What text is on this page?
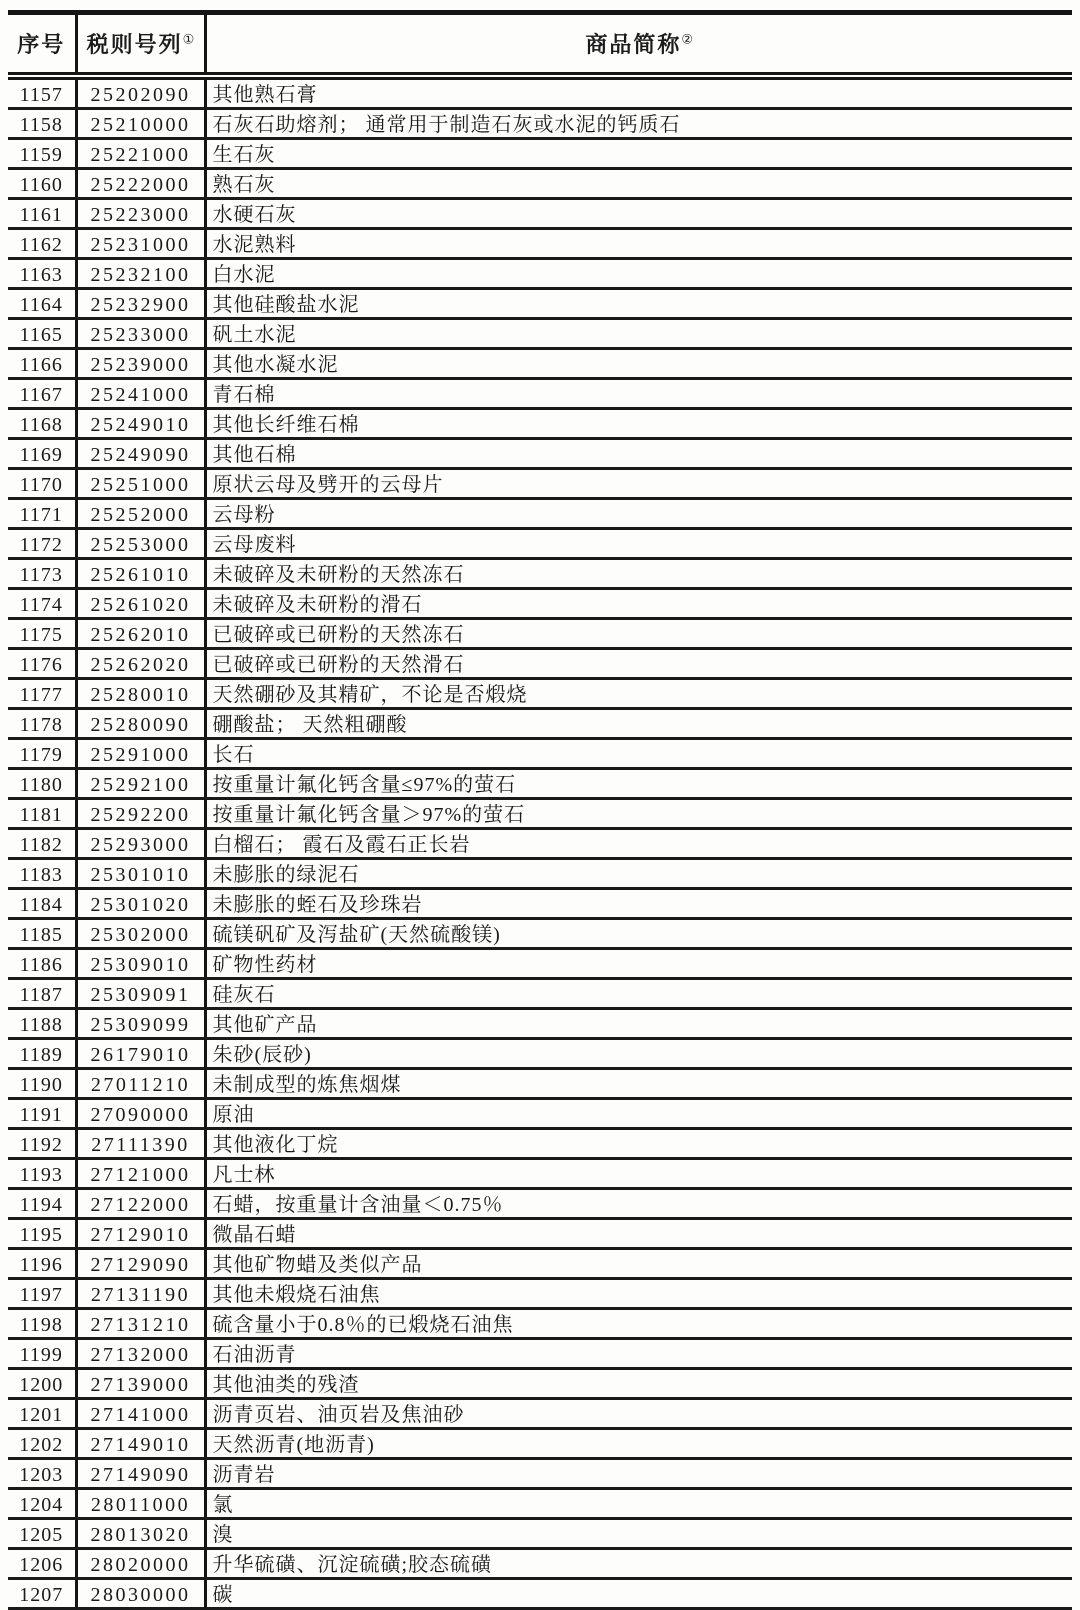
序号	税则号列①	商品简称②
1157	25202090	其他熟石膏
1158	25210000	石灰石助熔剂； 通常用于制造石灰或水泥的钙质石
1159	25221000	生石灰
1160	25222000	熟石灰
1161	25223000	水硬石灰
1162	25231000	水泥熟料
1163	25232100	白水泥
1164	25232900	其他硅酸盐水泥
1165	25233000	矾土水泥
1166	25239000	其他水凝水泥
1167	25241000	青石棉
1168	25249010	其他长纤维石棉
1169	25249090	其他石棉
1170	25251000	原状云母及劈开的云母片
1171	25252000	云母粉
1172	25253000	云母废料
1173	25261010	未破碎及未研粉的天然冻石
1174	25261020	未破碎及未研粉的滑石
1175	25262010	已破碎或已研粉的天然冻石
1176	25262020	已破碎或已研粉的天然滑石
1177	25280010	天然硼砂及其精矿，不论是否煅烧
1178	25280090	硼酸盐； 天然粗硼酸
1179	25291000	长石
1180	25292100	按重量计氟化钙含量≤97%的萤石
1181	25292200	按重量计氟化钙含量＞97%的萤石
1182	25293000	白榴石； 霞石及霞石正长岩
1183	25301010	未膨胀的绿泥石
1184	25301020	未膨胀的蛭石及珍珠岩
1185	25302000	硫镁矾矿及泻盐矿(天然硫酸镁)
1186	25309010	矿物性药材
1187	25309091	硅灰石
1188	25309099	其他矿产品
1189	26179010	朱砂(辰砂)
1190	27011210	未制成型的炼焦烟煤
1191	27090000	原油
1192	27111390	其他液化丁烷
1193	27121000	凡士林
1194	27122000	石蜡，按重量计含油量＜0.75％
1195	27129010	微晶石蜡
1196	27129090	其他矿物蜡及类似产品
1197	27131190	其他未煅烧石油焦
1198	27131210	硫含量小于0.8％的已煅烧石油焦
1199	27132000	石油沥青
1200	27139000	其他油类的残渣
1201	27141000	沥青页岩、油页岩及焦油砂
1202	27149010	天然沥青(地沥青)
1203	27149090	沥青岩
1204	28011000	氯
1205	28013020	溴
1206	28020000	升华硫磺、沉淀硫磺;胶态硫磺
1207	28030000	碳
